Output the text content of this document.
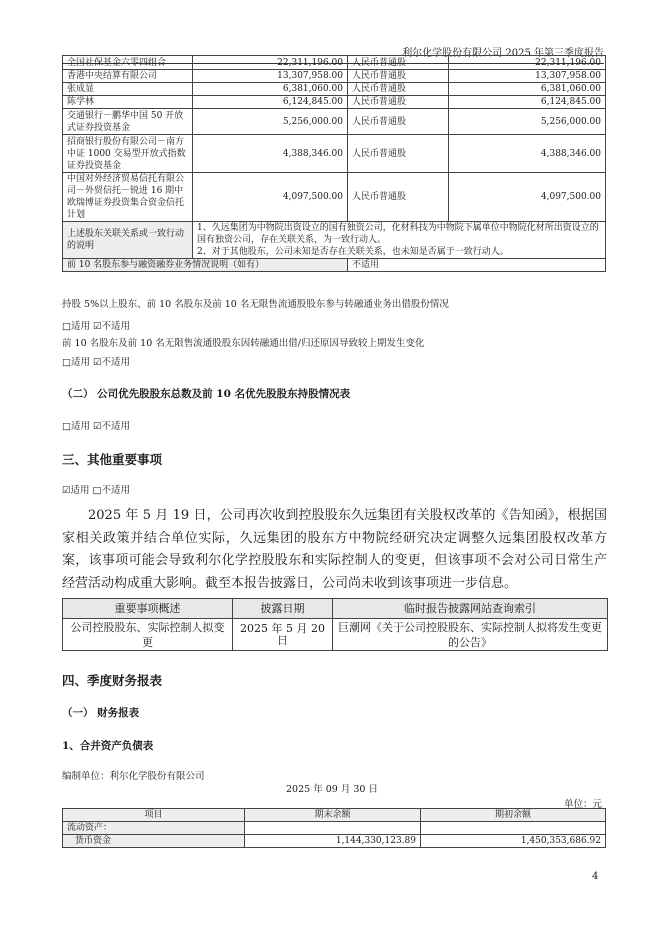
利尔化学股份有限公司 2025 年第三季度报告
全国社保基金六零四组合	22,311,196.00	人民币普通股	22,311,196.00
香港中央结算有限公司	13,307,958.00	人民币普通股	13,307,958.00
张成显	6,381,060.00	人民币普通股	6,381,060.00
陈学林	6,124,845.00	人民币普通股	6,124,845.00
交通银行－鹏华中国 50 开放式证券投资基金	5,256,000.00	人民币普通股	5,256,000.00
招商银行股份有限公司－南方中证 1000 交易型开放式指数证券投资基金	4,388,346.00	人民币普通股	4,388,346.00
中国对外经济贸易信托有限公司－外贸信托－锐进 16 期中欧瑞博证券投资集合资金信托计划	4,097,500.00	人民币普通股	4,097,500.00
上述股东关联关系或一致行动的说明	1、久远集团为中物院出资设立的国有独资公司，化材科技为中物院下属单位中物院化材所出资设立的国有独资公司，存在关联关系，为一致行动人。
2、对于其他股东，公司未知是否存在关联关系，也未知是否属于一致行动人。		

前 10 名股东参与融资融券业务情况说明（如有）		不适用	
持股 5%以上股东、前 10 名股东及前 10 名无限售流通股股东参与转融通业务出借股份情况
□适用 ☑不适用
前 10 名股东及前 10 名无限售流通股股东因转融通出借/归还原因导致较上期发生变化
□适用 ☑不适用
（二） 公司优先股股东总数及前 10 名优先股股东持股情况表
□适用 ☑不适用
三、其他重要事项
☑适用 □不适用
2025 年 5 月 19 日，公司再次收到控股股东久远集团有关股权改革的《告知函》，根据国家相关政策并结合单位实际，久远集团的股东方中物院经研究决定调整久远集团股权改革方案，该事项可能会导致利尔化学控股股东和实际控制人的变更，但该事项不会对公司日常生产经营活动构成重大影响。截至本报告披露日，公司尚未收到该事项进一步信息。
重要事项概述	披露日期	临时报告披露网站查询索引
公司控股股东、实际控制人拟变更	2025 年 5 月 20 日	巨潮网《关于公司控股股东、实际控制人拟将发生变更的公告》
四、季度财务报表
（一） 财务报表
1、合并资产负债表
编制单位：利尔化学股份有限公司
2025 年 09 月 30 日
单位：元
项目	期末余额	期初余额
流动资产：		
货币资金	1,144,330,123.89	1,450,353,686.92
4
